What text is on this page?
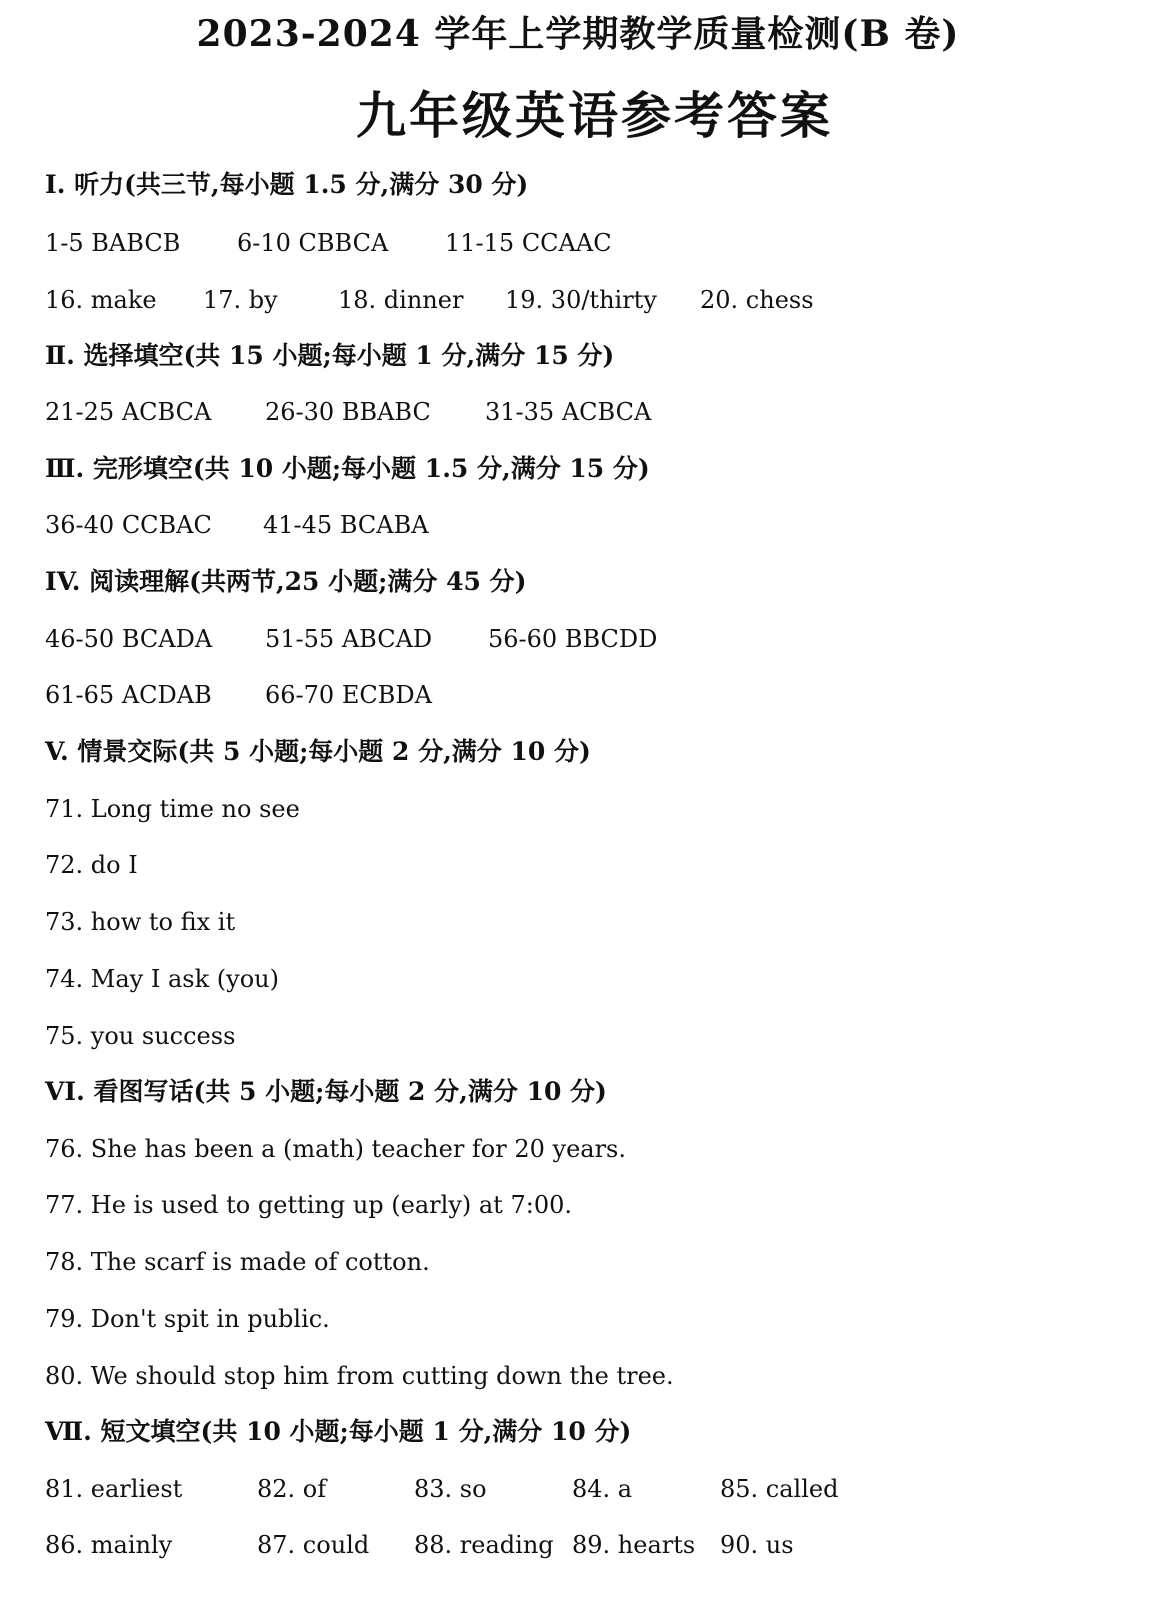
2023-2024 学年上学期教学质量检测(B 卷)
九年级英语参考答案
Ⅰ. 听力(共三节,每小题 1.5 分,满分 30 分)
1-5 BABCB 6-10 CBBCA 11-15 CCAAC
16. make 17. by	18. dinner 19. 30/thirty 20. chess
Ⅱ. 选择填空(共 15 小题;每小题 1 分,满分 15 分)
21-25 ACBCA 26-30 BBABC 31-35 ACBCA
Ⅲ. 完形填空(共 10 小题;每小题 1.5 分,满分 15 分)
36-40 CCBAC 41-45 BCABA
IV. 阅读理解(共两节,25 小题;满分 45 分)
46-50 BCADA 51-55 ABCAD 56-60 BBCDD
61-65 ACDAB 66-70 ECBDA
V. 情景交际(共 5 小题;每小题 2 分,满分 10 分)
71. Long time no see
72. do I
73. how to fix it
74. May I ask (you)
75. you success
VI. 看图写话(共 5 小题;每小题 2 分,满分 10 分)
76. She has been a (math) teacher for 20 years.
77. He is used to getting up (early) at 7:00.
78. The scarf is made of cotton.
79. Don't spit in public.
80. We should stop him from cutting down the tree.
Ⅶ. 短文填空(共 10 小题;每小题 1 分,满分 10 分)
81. earliest	82. of	83. so	84. a	85. called
86. mainly	87. could 88. reading 89. hearts 90. us
